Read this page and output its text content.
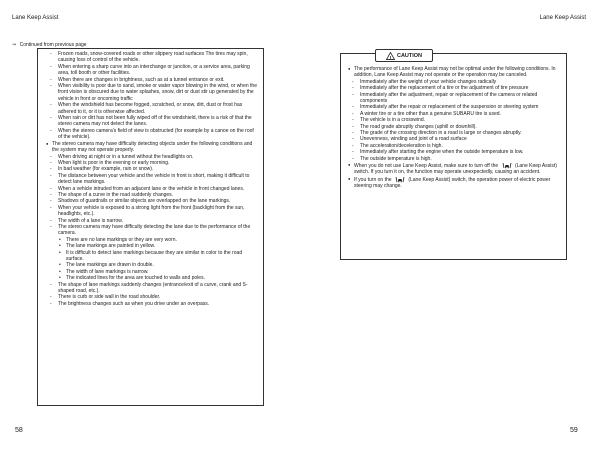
Lane Keep Assist	Lane Keep Assist
⇒ Continued from previous page
- Frozen roads, snow-covered roads or other slippery road surfaces The tires may spin, causing loss of control of the vehicle.
- When entering a sharp curve into an interchange or junction, or a service area, parking area, toll booth or other facilities.
- When there are changes in brightness, such as at a tunnel entrance or exit.
- When visibility is poor due to sand, smoke or water vapor blowing in the wind, or when the front vision is obscured due to water splashes, snow, dirt or dust stir up generated by the vehicle in front or oncoming traffic
- When the windshield has become fogged, scratched, or snow, dirt, dust or frost has adhered to it, or it is otherwise affected.
- When rain or dirt has not been fully wiped off of the windshield, there is a risk of that the stereo camera may not detect the lanes.
- When the stereo camera's field of view is obstructed (for example by a canoe on the roof of the vehicle).
● The stereo camera may have difficulty detecting objects under the following conditions and the system may not operate properly.
- When driving at night or in a tunnel without the headlights on.
- When light is poor in the evening or early morning.
- In bad weather (for example, rain or snow).
- The distance between your vehicle and the vehicle in front is short, making it difficult to detect lane markings.
- When a vehicle intruded from an adjacent lane or the vehicle in front changed lanes.
- The shape of a curve in the road suddenly changes.
- Shadows of guardrails or similar objects are overlapped on the lane markings.
- When your vehicle is exposed to a strong light from the front (backlight from the sun, headlights, etc.).
- The width of a lane is narrow.
- The stereo camera may have difficulty detecting the lane due to the performance of the camera.
• There are no lane markings or they are very worn.
• The lane markings are painted in yellow.
• It is difficult to detect lane markings because they are similar in color to the road surface.
• The lane markings are drawn in double.
• The width of lane markings is narrow.
• The indicated lines for the area are touched to walls and poles.
- The shape of lane markings suddenly changes (entrance/exit of a curve, crank and S-shaped road, etc.).
- There is curb or side wall in the road shoulder.
- The brightness changes such as when you drive under an overpass.
! CAUTION
● The performance of Lane Keep Assist may not be optimal under the following conditions. In addition, Lane Keep Assist may not operate or the operation may be canceled.
- Immediately after the weight of your vehicle changes radically
- Immediately after the replacement of a tire or the adjustment of tire pressure
- Immediately after the adjustment, repair or replacement of the camera or related components
- Immediately after the repair or replacement of the suspension or steering system
- A winter tire or a tire other than a genuine SUBARU tire is used.
- The vehicle is in a crosswind.
- The road grade abruptly changes (uphill or downhill).
- The grade of the crossing direction in a road is large or changes abruptly.
- Unevenness, winding and joint of a road surface
- The acceleration/deceleration is high.
- Immediately after starting the engine when the outside temperature is low.
- The outside temperature is high.
● When you do not use Lane Keep Assist, make sure to turn off the	(Lane Keep Assist) switch. If you turn it on, the function may operate unexpectedly, causing an accident.
● If you turn on the	(Lane Keep Assist) switch, the operation power of electric power steering may change.
58	59
